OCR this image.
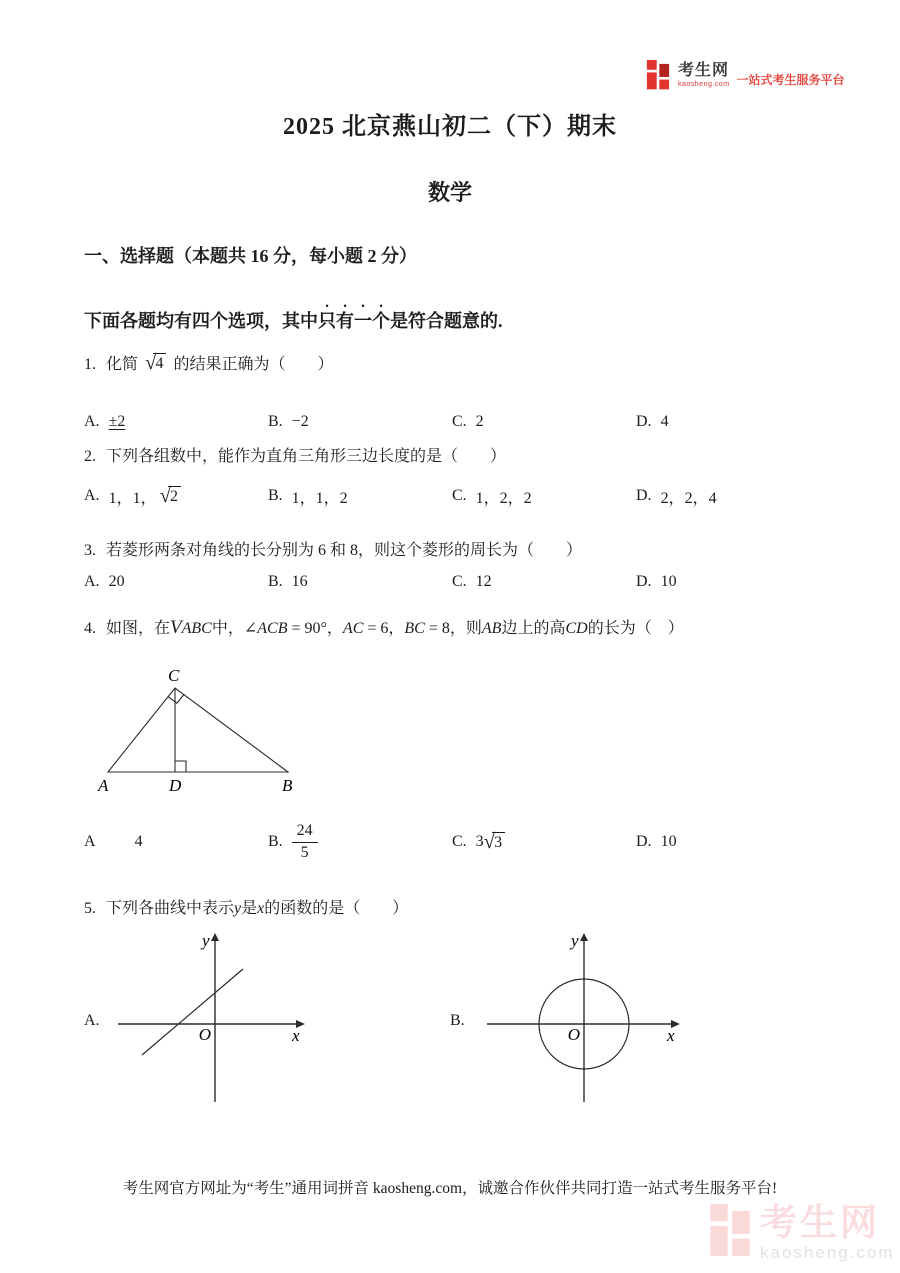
考生网
kaosheng.com 一站式考生服务平台
2025 北京燕山初二（下）期末
数学
一、选择题（本题共 16 分，每小题 2 分）
下面各题均有四个选项，其中只有一个是符合题意的.
1. 化简 √4 的结果正确为（　　）
A. ±2	B. −2	C. 2	D. 4
2. 下列各组数中，能作为直角三角形三边长度的是（　　）
A. 1，1， √2	B. 1，1，2	C. 1，2，2	D. 2，2，4
3. 若菱形两条对角线的长分别为 6 和 8，则这个菱形的周长为（　　）
A. 20	B. 16	C. 12	D. 10
4. 如图，在VABC中，∠ACB = 90°，AC = 6，BC = 8，则AB边上的高CD的长为（　）
C
A	D	B
A 4	B. $\frac{24}{5}$	C. 3 √3	D. 10
5. 下列各曲线中表示y是x的函数的是（　　）
A.
y
x
O
B.
y
x
O
考生网官方网址为“考生”通用词拼音 kaosheng.com，诚邀合作伙伴共同打造一站式考生服务平台!
考生网
kaosheng.com
